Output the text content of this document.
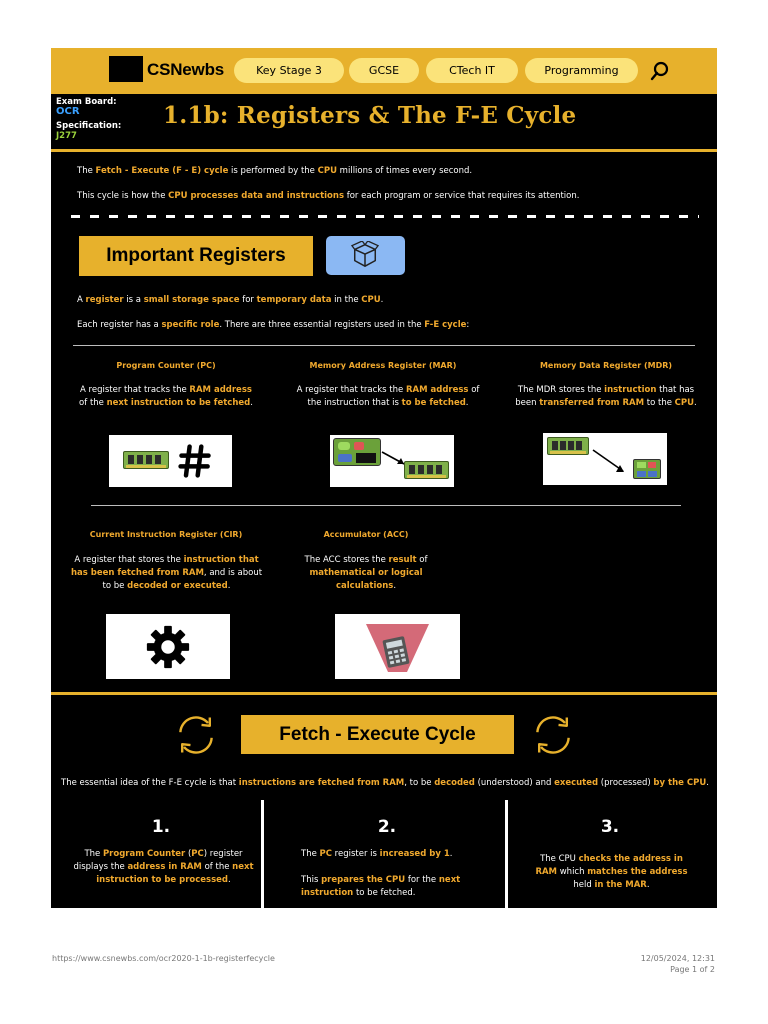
CSNewbs	Key Stage 3	GCSE	CTech IT	Programming
Exam Board:
OCR
Specification:
J277
1.1b: Registers & The F-E Cycle
The Fetch - Execute (F - E) cycle is performed by the CPU millions of times every second.
This cycle is how the CPU processes data and instructions for each program or service that requires its attention.
Important Registers
A register is a small storage space for temporary data in the CPU.
Each register has a specific role. There are three essential registers used in the F-E cycle:
Program Counter (PC)
A register that tracks the RAM address of the next instruction to be fetched.
Memory Address Register (MAR)
A register that tracks the RAM address of the instruction that is to be fetched.
Memory Data Register (MDR)
The MDR stores the instruction that has been transferred from RAM to the CPU.
Current Instruction Register (CIR)
A register that stores the instruction that has been fetched from RAM, and is about to be decoded or executed.
Accumulator (ACC)
The ACC stores the result of mathematical or logical calculations.
Fetch - Execute Cycle
The essential idea of the F-E cycle is that instructions are fetched from RAM, to be decoded (understood) and executed (processed) by the CPU.
1.
The Program Counter (PC) register displays the address in RAM of the next instruction to be processed.
2.
The PC register is increased by 1.
This prepares the CPU for the next instruction to be fetched.
3.
The CPU checks the address in RAM which matches the address held in the MAR.
https://www.csnewbs.com/ocr2020-1-1b-registerfecycle	12/05/2024, 12:31
Page 1 of 2
